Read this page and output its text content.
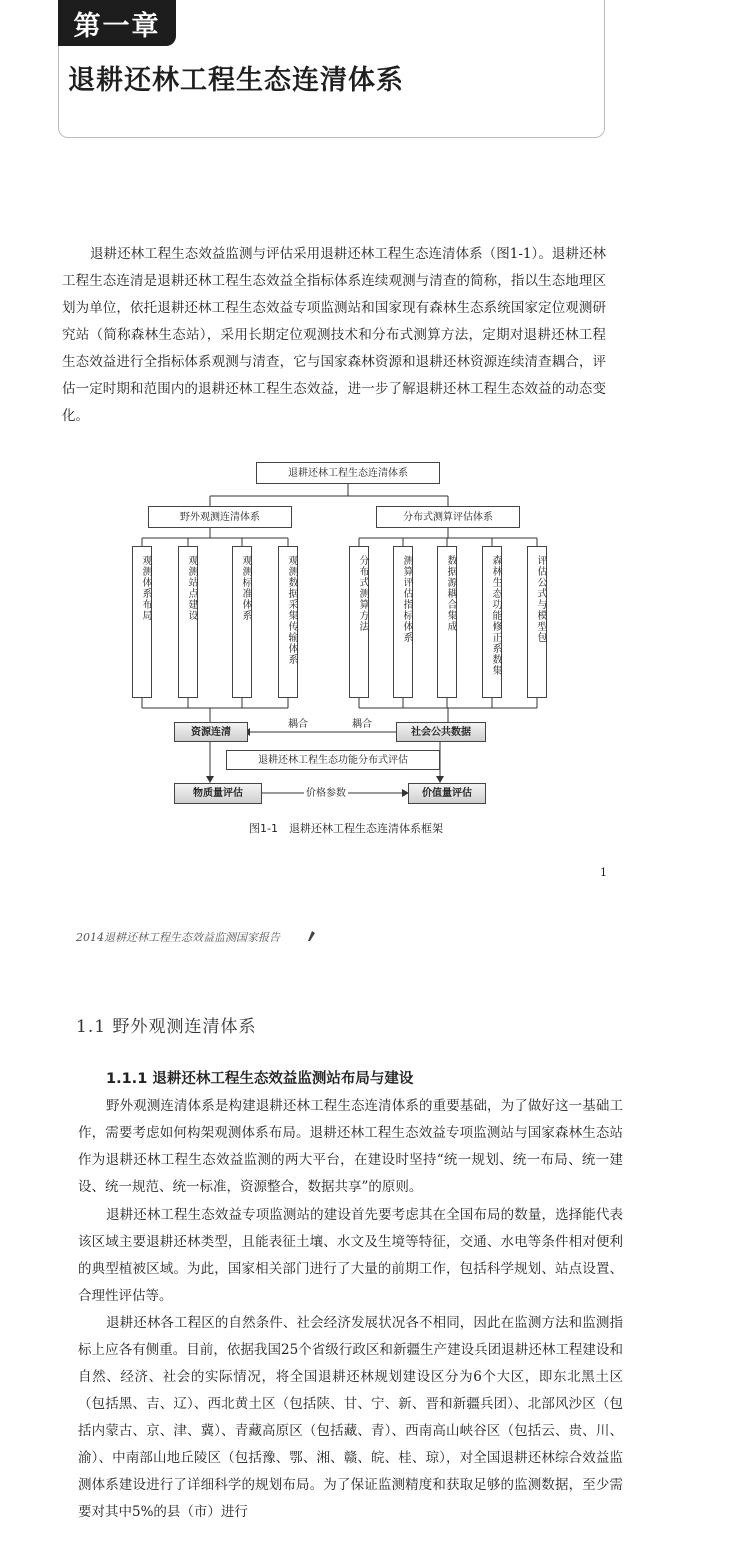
第一章
退耕还林工程生态连清体系

退耕还林工程生态效益监测与评估采用退耕还林工程生态连清体系（图1-1）。退耕还林工程生态连清是退耕还林工程生态效益全指标体系连续观测与清查的简称，指以生态地理区划为单位，依托退耕还林工程生态效益专项监测站和国家现有森林生态系统国家定位观测研究站（简称森林生态站），采用长期定位观测技术和分布式测算方法，定期对退耕还林工程生态效益进行全指标体系观测与清查，它与国家森林资源和退耕还林资源连续清查耦合，评估一定时期和范围内的退耕还林工程生态效益，进一步了解退耕还林工程生态效益的动态变化。

退耕还林工程生态连清体系
野外观测连清体系	分布式测算评估体系
观测体系布局	观测站点建设	观测标准体系	观测数据采集传输体系	分布式测算方法	测算评估指标体系	数据源耦合集成	森林生态功能修正系数集	评估公式与模型包
资源连清	社会公共数据
耦合	耦合
退耕还林工程生态功能分布式评估
物质量评估	价格参数	价值量评估
图1-1　退耕还林工程生态连清体系框架
1
2014退耕还林工程生态效益监测国家报告
1.1 野外观测连清体系
1.1.1 退耕还林工程生态效益监测站布局与建设

野外观测连清体系是构建退耕还林工程生态连清体系的重要基础，为了做好这一基础工作，需要考虑如何构架观测体系布局。退耕还林工程生态效益专项监测站与国家森林生态站作为退耕还林工程生态效益监测的两大平台，在建设时坚持“统一规划、统一布局、统一建设、统一规范、统一标准，资源整合，数据共享”的原则。

退耕还林工程生态效益专项监测站的建设首先要考虑其在全国布局的数量，选择能代表该区域主要退耕还林类型，且能表征土壤、水文及生境等特征，交通、水电等条件相对便利的典型植被区域。为此，国家相关部门进行了大量的前期工作，包括科学规划、站点设置、合理性评估等。

退耕还林各工程区的自然条件、社会经济发展状况各不相同，因此在监测方法和监测指标上应各有侧重。目前，依据我国25个省级行政区和新疆生产建设兵团退耕还林工程建设和自然、经济、社会的实际情况，将全国退耕还林规划建设区分为6个大区，即东北黑土区（包括黑、吉、辽）、西北黄土区（包括陕、甘、宁、新、晋和新疆兵团）、北部风沙区（包括内蒙古、京、津、冀）、青藏高原区（包括藏、青）、西南高山峡谷区（包括云、贵、川、渝）、中南部山地丘陵区（包括豫、鄂、湘、赣、皖、桂、琼），对全国退耕还林综合效益监测体系建设进行了详细科学的规划布局。为了保证监测精度和获取足够的监测数据，至少需要对其中5%的县（市）进行
